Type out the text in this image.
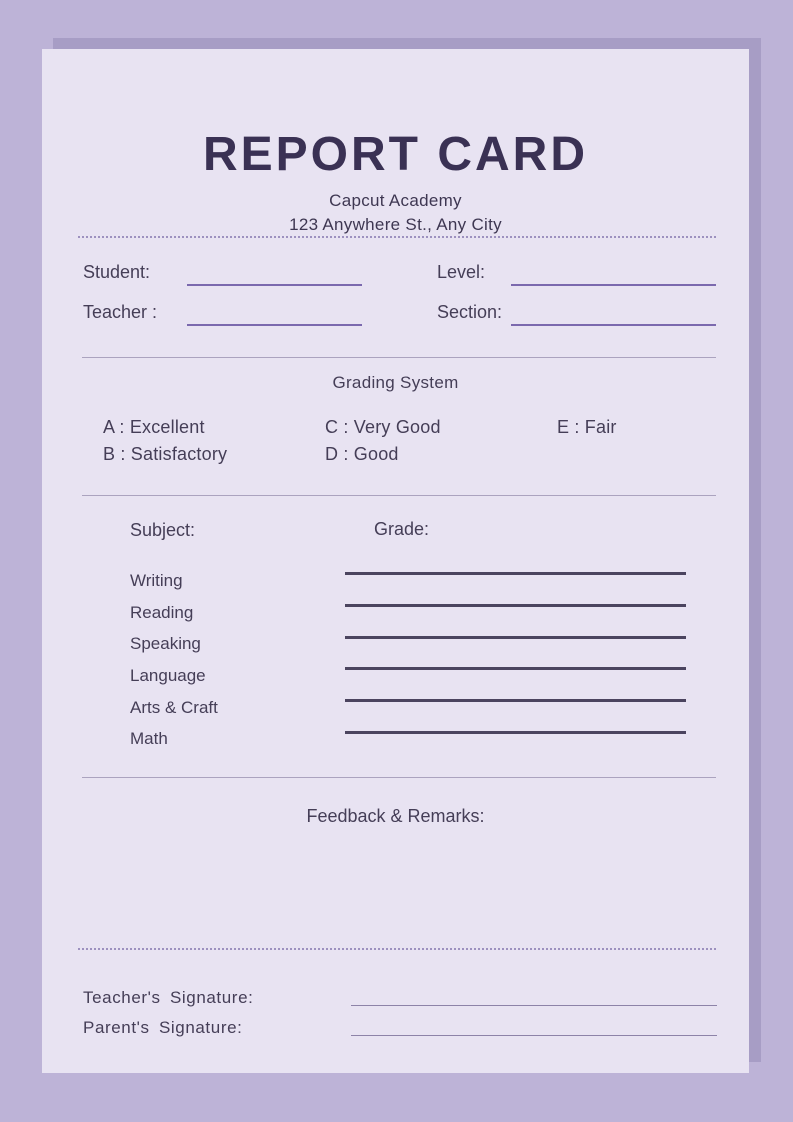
REPORT CARD
Capcut Academy
123 Anywhere St., Any City
Student:	Level:
Teacher :	Section:
Grading System
A : Excellent	C : Very Good	E : Fair
B : Satisfactory	D : Good
Subject:	Grade:
Writing
Reading
Speaking
Language
Arts & Craft
Math
Feedback & Remarks:
Teacher's Signature:
Parent's Signature:
